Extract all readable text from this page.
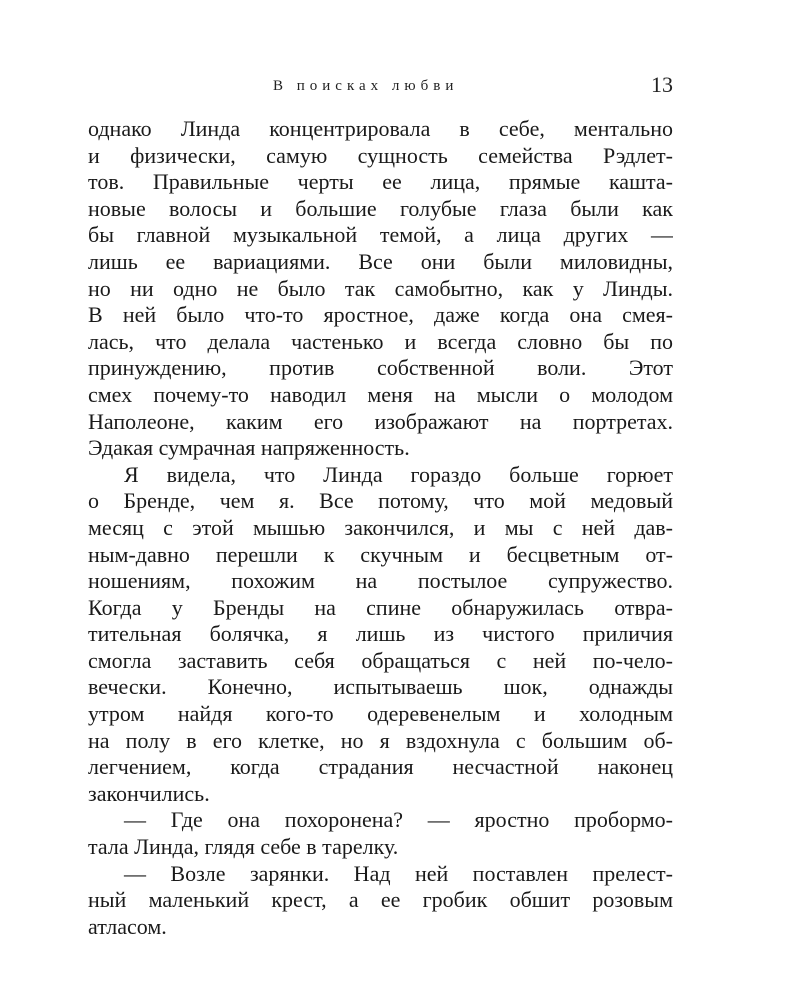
В поисках любви	13
однако Линда концентрировала в себе, ментально
и физически, самую сущность семейства Рэдлет-
тов. Правильные черты ее лица, прямые кашта-
новые волосы и большие голубые глаза были как
бы главной музыкальной темой, а лица других —
лишь ее вариациями. Все они были миловидны,
но ни одно не было так самобытно, как у Линды.
В ней было что-то яростное, даже когда она смея-
лась, что делала частенько и всегда словно бы по
принуждению, против собственной воли. Этот
смех почему-то наводил меня на мысли о молодом
Наполеоне, каким его изображают на портретах.
Эдакая сумрачная напряженность.
Я видела, что Линда гораздо больше горюет
о Бренде, чем я. Все потому, что мой медовый
месяц с этой мышью закончился, и мы с ней дав-
ным-давно перешли к скучным и бесцветным от-
ношениям, похожим на постылое супружество.
Когда у Бренды на спине обнаружилась отвра-
тительная болячка, я лишь из чистого приличия
смогла заставить себя обращаться с ней по-чело-
вечески. Конечно, испытываешь шок, однажды
утром найдя кого-то одеревенелым и холодным
на полу в его клетке, но я вздохнула с большим об-
легчением, когда страдания несчастной наконец
закончились.
— Где она похоронена? — яростно пробормо-
тала Линда, глядя себе в тарелку.
— Возле зарянки. Над ней поставлен прелест-
ный маленький крест, а ее гробик обшит розовым
атласом.
